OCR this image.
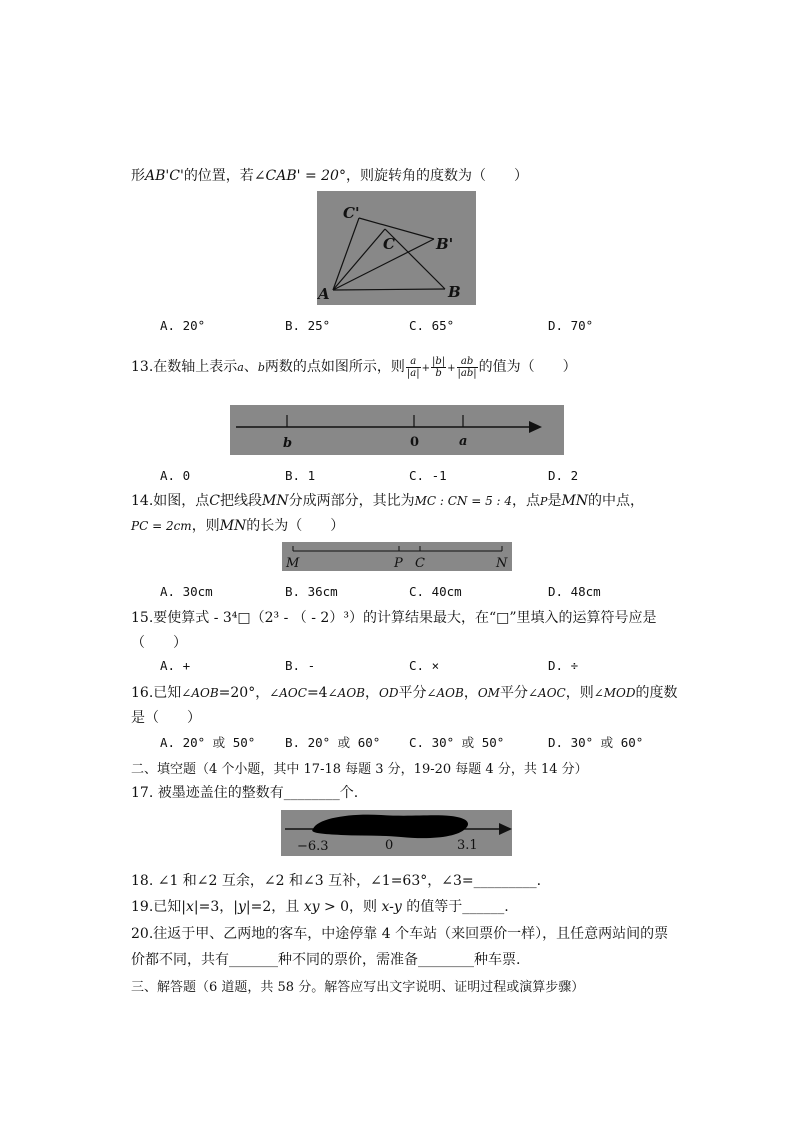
形AB'C'的位置，若∠CAB' = 20°，则旋转角的度数为（　　）
C'
C	B'
A	B
A. 20°	B. 25°	C. 65°	D. 70°
13.在数轴上表示a、b两数的点如图所示，则 $\frac{a}{|a|} + \frac{|b|}{b} + \frac{ab}{|ab|}$ 的值为（　　）
b	0	a
A. 0	B. 1	C. -1	D. 2
14.如图，点C把线段MN分成两部分，其比为MC : CN = 5 : 4，点P是MN的中点，
PC = 2cm，则MN的长为（　　）
M	P C	N
A. 30cm	B. 36cm	C. 40cm	D. 48cm
15.要使算式 - 3⁴□（2³ - （ - 2）³）的计算结果最大，在“□”里填入的运算符号应是
（　　）
A. +	B. -	C. ×	D. ÷
16.已知∠AOB=20°，∠AOC=4∠AOB，OD平分∠AOB，OM平分∠AOC，则∠MOD的度数
是（　　）
A. 20° 或 50° B. 20° 或 60° C. 30° 或 50°	D. 30° 或 60°
二、填空题（4 个小题，其中 17-18 每题 3 分，19-20 每题 4 分，共 14 分）
17. 被墨迹盖住的整数有________个.
−6.3	0	3.1
18. ∠1 和∠2 互余，∠2 和∠3 互补，∠1=63°，∠3=_________.
19.已知|x|=3，|y|=2，且 xy > 0，则 x-y 的值等于______.
20.往返于甲、乙两地的客车，中途停靠 4 个车站（来回票价一样），且任意两站间的票
价都不同，共有_______种不同的票价，需准备________种车票.
三、解答题（6 道题，共 58 分。解答应写出文字说明、证明过程或演算步骤）
